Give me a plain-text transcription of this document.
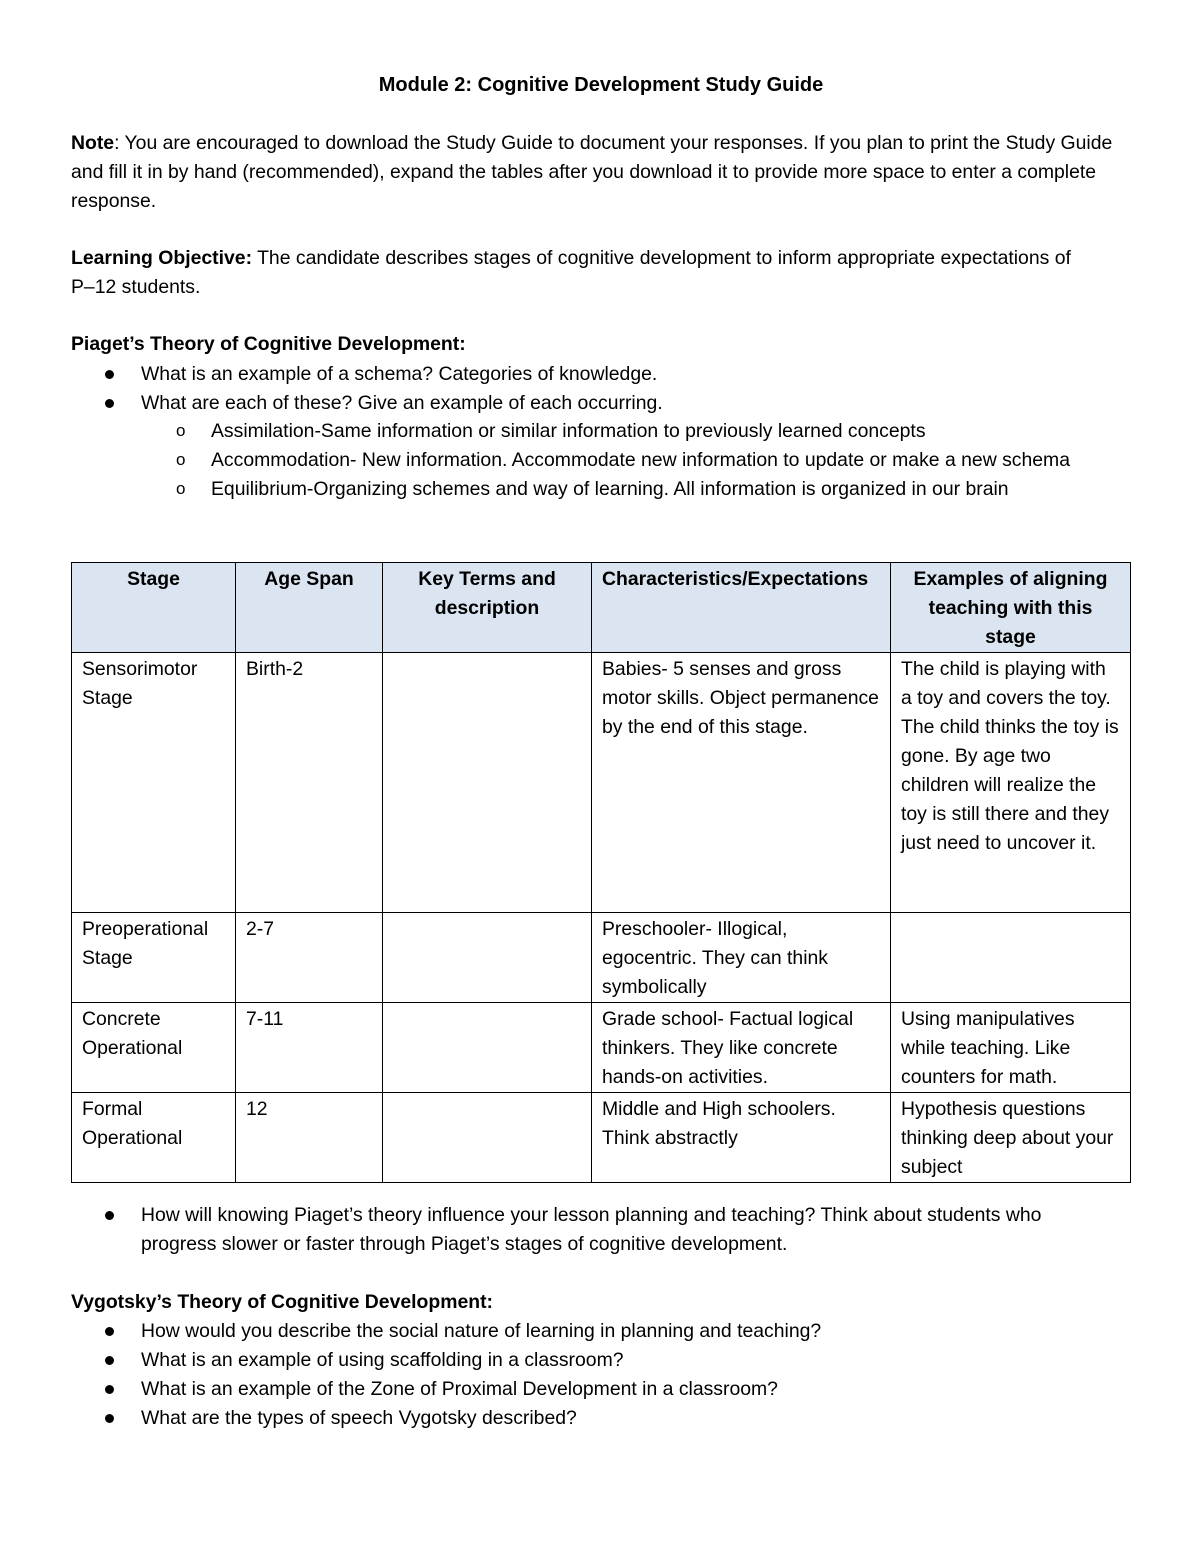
Module 2: Cognitive Development Study Guide
Note: You are encouraged to download the Study Guide to document your responses. If you plan to print the Study Guide and fill it in by hand (recommended), expand the tables after you download it to provide more space to enter a complete response.
Learning Objective: The candidate describes stages of cognitive development to inform appropriate expectations of P–12 students.
Piaget’s Theory of Cognitive Development:
What is an example of a schema? Categories of knowledge.
What are each of these? Give an example of each occurring.
o Assimilation-Same information or similar information to previously learned concepts
o Accommodation- New information. Accommodate new information to update or make a new schema
o Equilibrium-Organizing schemes and way of learning. All information is organized in our brain
Stage	Age Span	Key Terms and description	Characteristics/Expectations	Examples of aligning teaching with this stage
Sensorimotor Stage	Birth-2		Babies- 5 senses and gross motor skills. Object permanence by the end of this stage.	The child is playing with a toy and covers the toy. The child thinks the toy is gone. By age two children will realize the toy is still there and they just need to uncover it.
Preoperational Stage	2-7		Preschooler- Illogical, egocentric. They can think symbolically	
Concrete Operational	7-11		Grade school- Factual logical thinkers. They like concrete hands-on activities.	Using manipulatives while teaching. Like counters for math.
Formal Operational	12		Middle and High schoolers. Think abstractly	Hypothesis questions thinking deep about your subject
How will knowing Piaget’s theory influence your lesson planning and teaching? Think about students who progress slower or faster through Piaget’s stages of cognitive development.
Vygotsky’s Theory of Cognitive Development:
How would you describe the social nature of learning in planning and teaching?
What is an example of using scaffolding in a classroom?
What is an example of the Zone of Proximal Development in a classroom?
What are the types of speech Vygotsky described?
